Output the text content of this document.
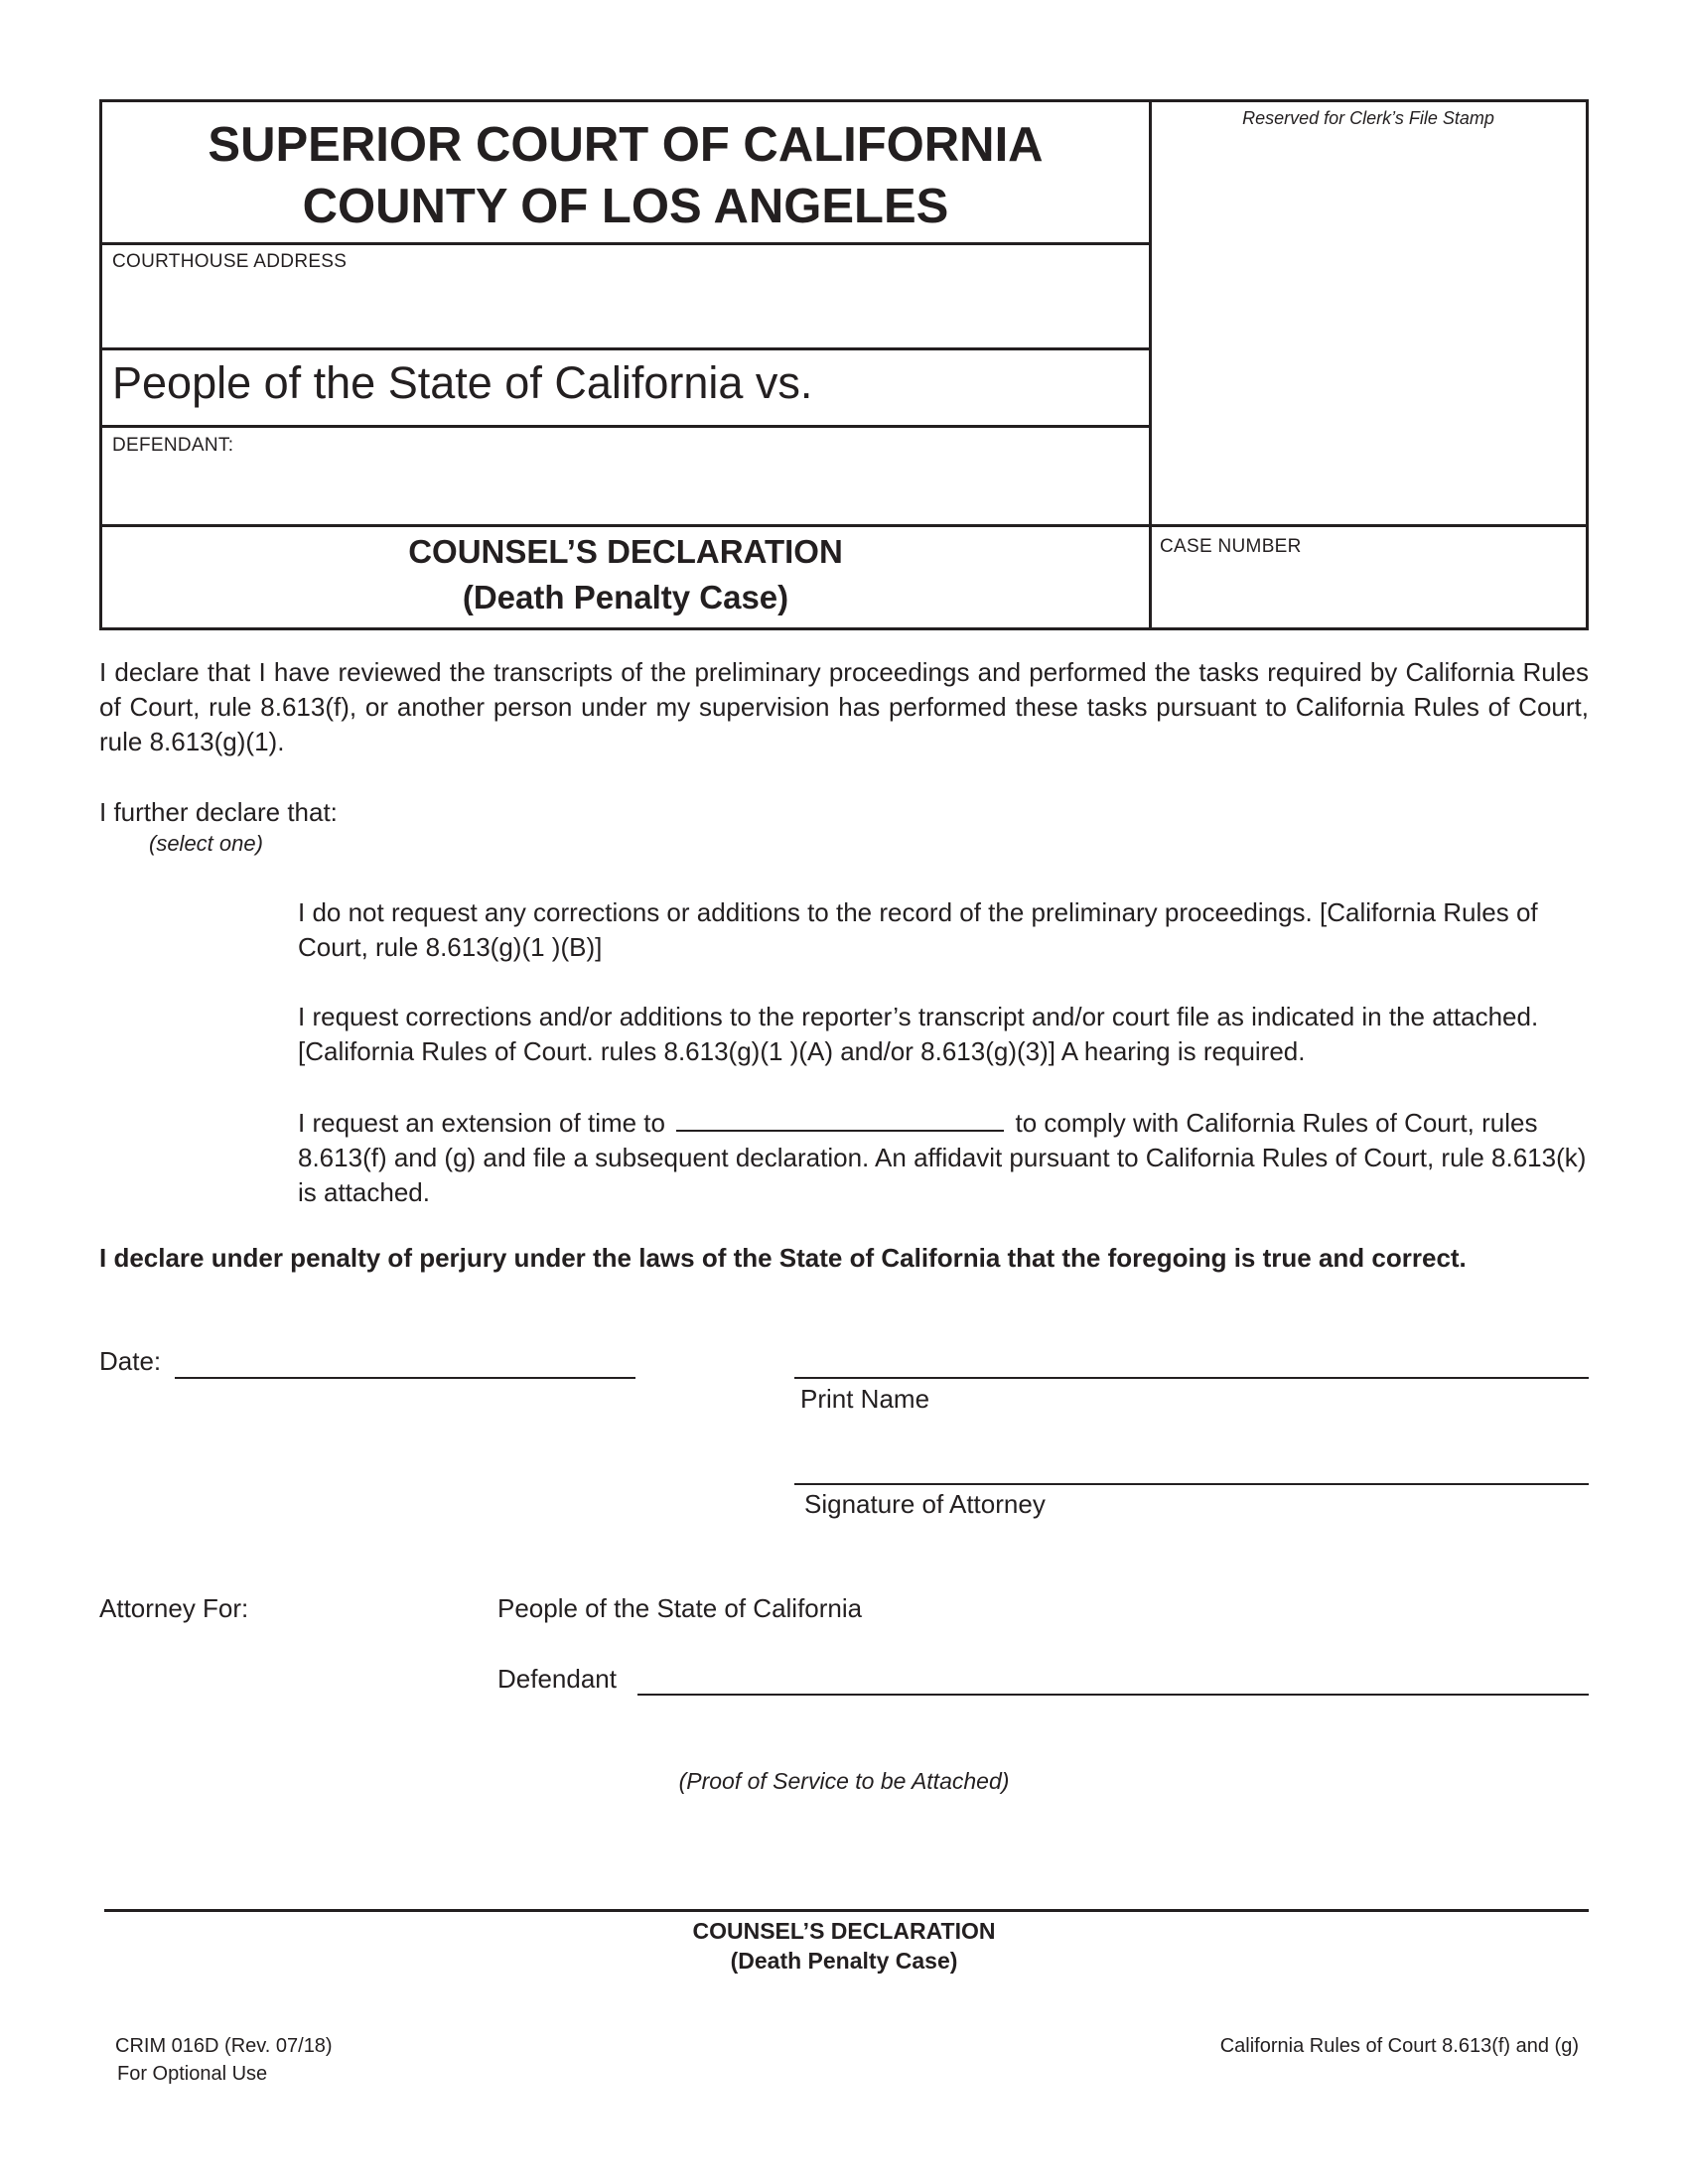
SUPERIOR COURT OF CALIFORNIA
COUNTY OF LOS ANGELES
COURTHOUSE ADDRESS
People of the State of California vs.
DEFENDANT:
Reserved for Clerk’s File Stamp
COUNSEL’S DECLARATION
(Death Penalty Case)
CASE NUMBER
I declare that I have reviewed the transcripts of the preliminary proceedings and performed the tasks required by California Rules of Court, rule 8.613(f), or another person under my supervision has performed these tasks pursuant to California Rules of Court, rule 8.613(g)(1).
I further declare that:
(select one)
I do not request any corrections or additions to the record of the preliminary proceedings. [California Rules of Court, rule 8.613(g)(1 )(B)]
I request corrections and/or additions to the reporter’s transcript and/or court file as indicated in the attached. [California Rules of Court. rules 8.613(g)(1 )(A) and/or 8.613(g)(3)] A hearing is required.
I request an extension of time to	to comply with California Rules of Court, rules 8.613(f) and (g) and file a subsequent declaration. An affidavit pursuant to California Rules of Court, rule 8.613(k) is attached.
I declare under penalty of perjury under the laws of the State of California that the foregoing is true and correct.
Date:
Print Name
Signature of Attorney
Attorney For:	People of the State of California
Defendant
(Proof of Service to be Attached)
COUNSEL’S DECLARATION
(Death Penalty Case)
CRIM 016D (Rev. 07/18)
For Optional Use
California Rules of Court 8.613(f) and (g)
